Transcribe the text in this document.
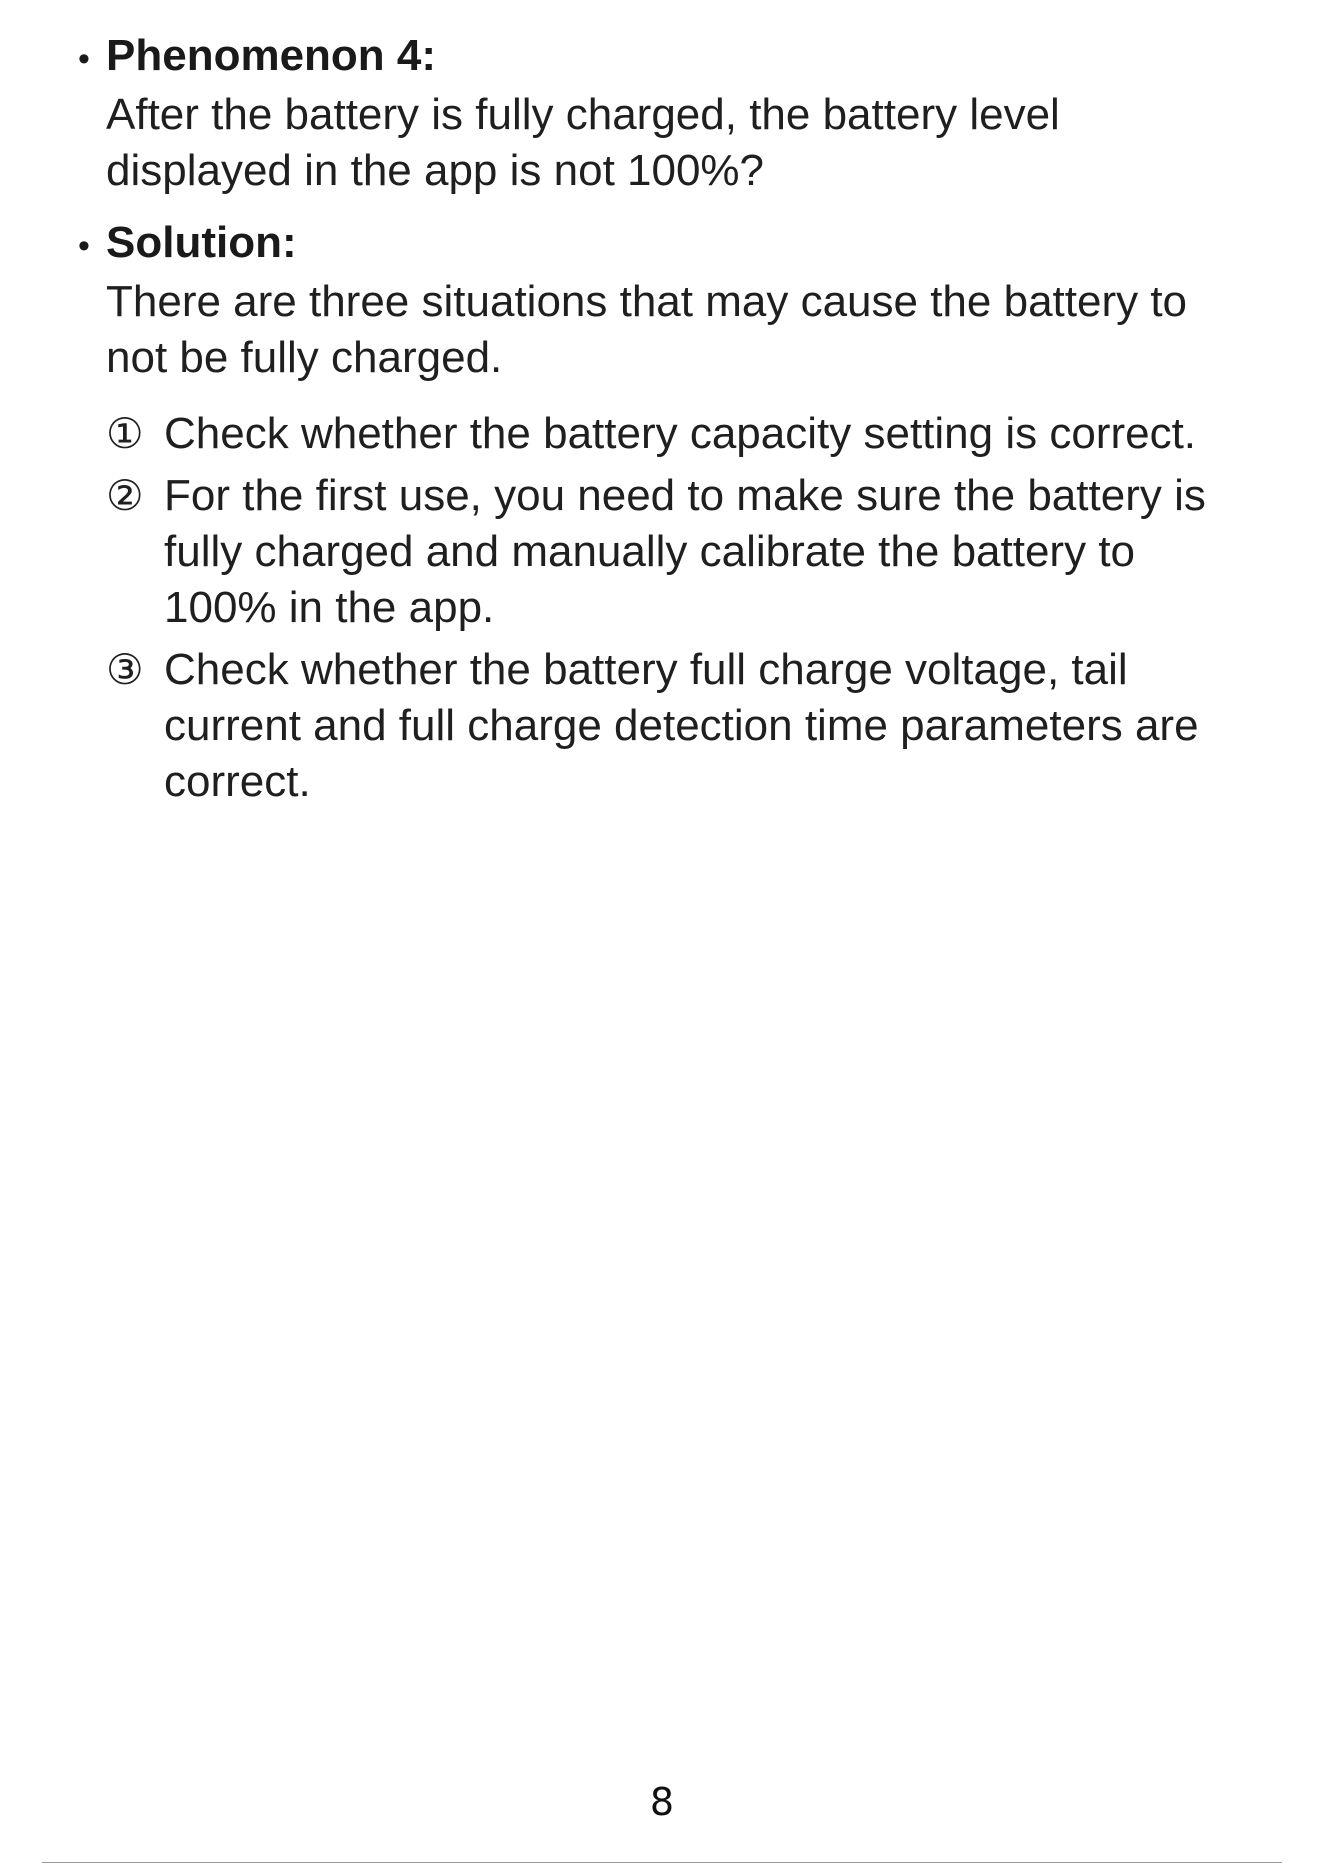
• Phenomenon 4:

After the battery is fully charged, the battery level displayed in the app is not 100%?

• Solution:

There are three situations that may cause the battery to not be fully charged.

① Check whether the battery capacity setting is correct.
② For the first use, you need to make sure the battery is fully charged and manually calibrate the battery to 100% in the app.
③ Check whether the battery full charge voltage, tail current and full charge detection time parameters are correct.
8
